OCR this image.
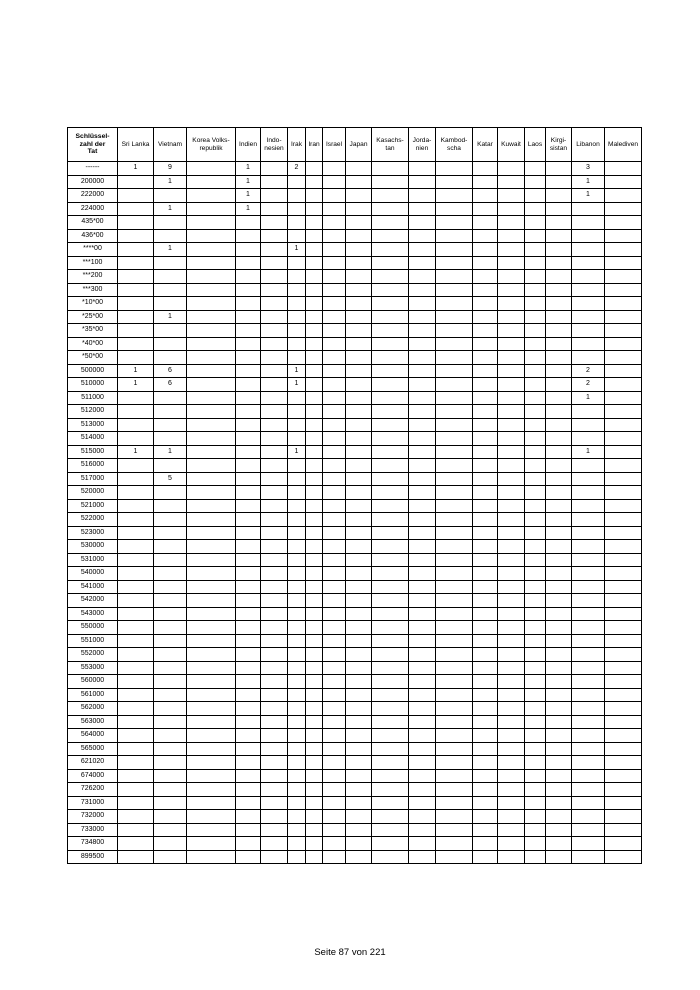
Schlüssel-
zahl der
Tat	Sri Lanka	Vietnam	Korea Volks-
republik	Indien	Indo-
nesien	Irak	Iran	Israel	Japan	Kasachs-
tan	Jorda-
nien	Kambod-
scha	Katar	Kuwait	Laos	Kirgi-
sistan	Libanon	Malediven
------	1	9		1		2											3	
200000		1		1													1	
222000				1													1	
224000		1		1														
435*00																		
436*00																		
****00		1				1												
***100																		
***200																		
***300																		
*10*00																		
*25*00		1																
*35*00																		
*40*00																		
*50*00																		
500000	1	6				1											2	
510000	1	6				1											2	
511000																	1	
512000																		
513000																		
514000																		
515000	1	1				1											1	
516000																		
517000		5																
520000																		
521000																		
522000																		
523000																		
530000																		
531000																		
540000																		
541000																		
542000																		
543000																		
550000																		
551000																		
552000																		
553000																		
560000																		
561000																		
562000																		
563000																		
564000																		
565000																		
621020																		
674000																		
726200																		
731000																		
732000																		
733000																		
734800																		
899500																		
Seite 87 von 221
